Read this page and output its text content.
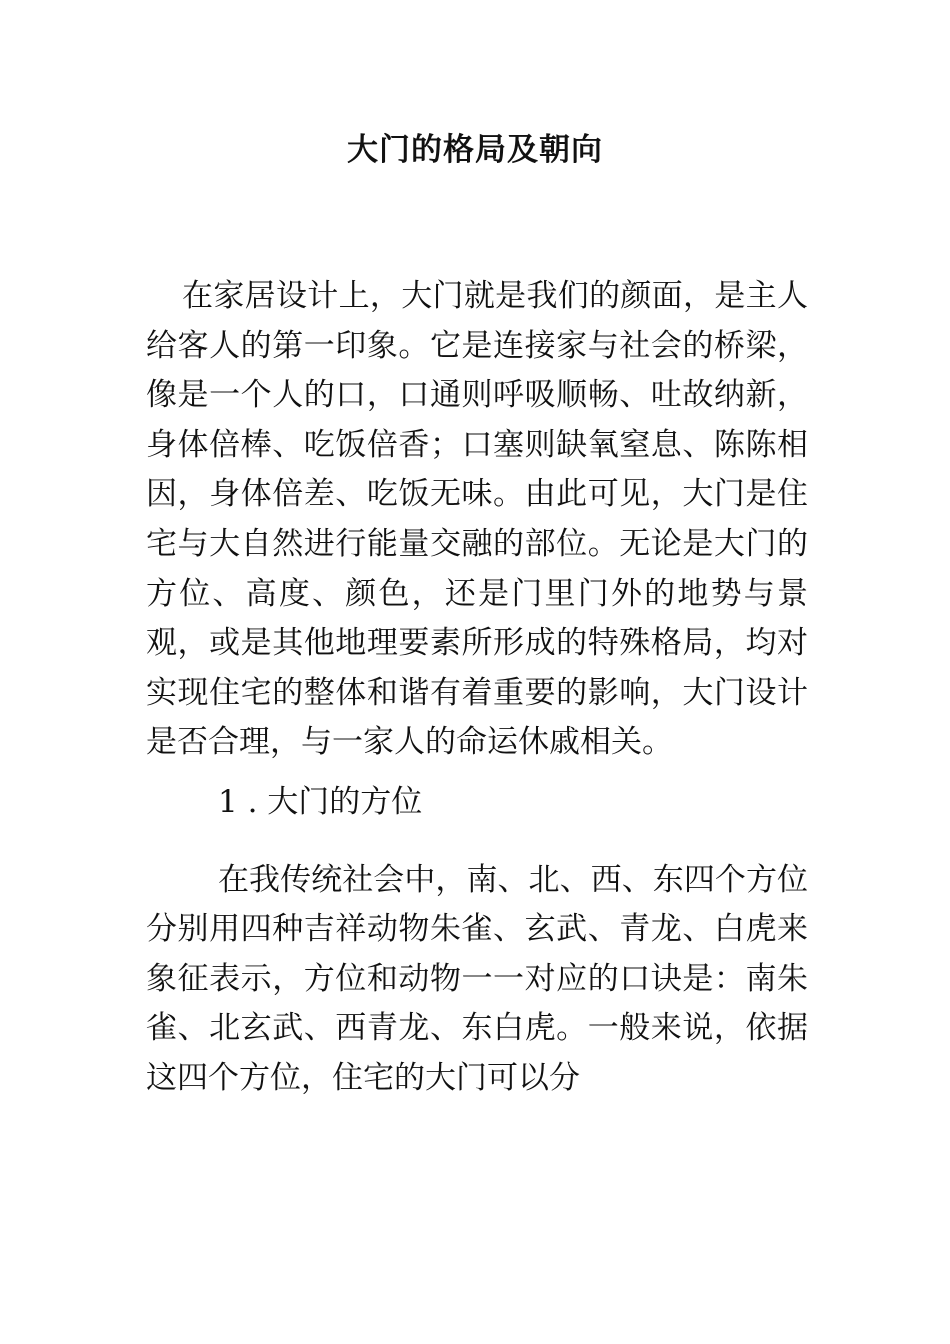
大门的格局及朝向

在家居设计上，大门就是我们的颜面，是主人给客人的第一印象。它是连接家与社会的桥梁，像是一个人的口，口通则呼吸顺畅、吐故纳新，身体倍棒、吃饭倍香；口塞则缺氧窒息、陈陈相因，身体倍差、吃饭无味。由此可见，大门是住宅与大自然进行能量交融的部位。无论是大门的方位、高度、颜色，还是门里门外的地势与景观，或是其他地理要素所形成的特殊格局，均对实现住宅的整体和谐有着重要的影响，大门设计是否合理，与一家人的命运休戚相关。

1 . 大门的方位

在我传统社会中，南、北、西、东四个方位分别用四种吉祥动物朱雀、玄武、青龙、白虎来象征表示，方位和动物一一对应的口诀是：南朱雀、北玄武、西青龙、东白虎。一般来说，依据这四个方位，住宅的大门可以分
